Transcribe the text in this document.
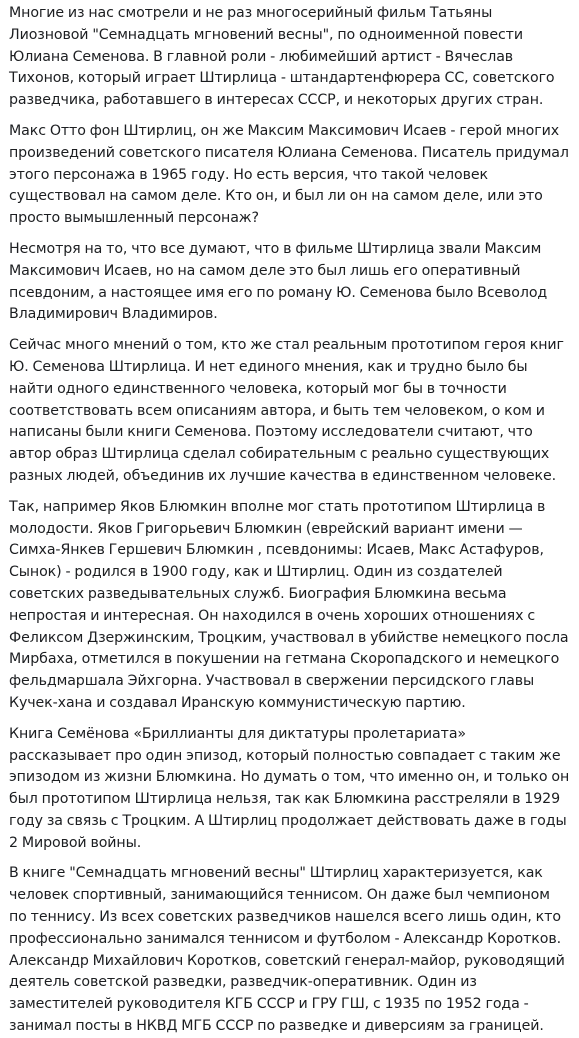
Многие из нас смотрели и не раз многосерийный фильм Татьяны Лиозновой "Семнадцать мгновений весны", по одноименной повести Юлиана Семенова. В главной роли - любимейший артист - Вячеслав Тихонов, который играет Штирлица - штандартенфюрера СС, советского разведчика, работавшего в интересах СССР, и некоторых других стран.

Макс Отто фон Штирлиц, он же Максим Максимович Исаев - герой многих произведений советского писателя Юлиана Семенова. Писатель придумал этого персонажа в 1965 году. Но есть версия, что такой человек существовал на самом деле. Кто он, и был ли он на самом деле, или это просто вымышленный персонаж?

Несмотря на то, что все думают, что в фильме Штирлица звали Максим Максимович Исаев, но на самом деле это был лишь его оперативный псевдоним, а настоящее имя его по роману Ю. Семенова было Всеволод Владимирович Владимиров.

Сейчас много мнений о том, кто же стал реальным прототипом героя книг Ю. Семенова Штирлица. И нет единого мнения, как и трудно было бы найти одного единственного человека, который мог бы в точности соответствовать всем описаниям автора, и быть тем человеком, о ком и написаны были книги Семенова. Поэтому исследователи считают, что автор образ Штирлица сделал собирательным с реально существующих разных людей, объединив их лучшие качества в единственном человеке.

Так, например Яков Блюмкин вполне мог стать прототипом Штирлица в молодости. Яков Григорьевич Блюмкин (еврейский вариант имени — Симха-Янкев Гершевич Блюмкин , псевдонимы: Исаев, Макс Астафуров, Сынок) - родился в 1900 году, как и Штирлиц. Один из создателей советских разведывательных служб. Биография Блюмкина весьма непростая и интересная. Он находился в очень хороших отношениях с Феликсом Дзержинским, Троцким, участвовал в убийстве немецкого посла Мирбаха, отметился в покушении на гетмана Скоропадского и немецкого фельдмаршала Эйхгорна. Участвовал в свержении персидского главы Кучек-хана и создавал Иранскую коммунистическую партию.

Книга Семёнова «Бриллианты для диктатуры пролетариата» рассказывает про один эпизод, который полностью совпадает с таким же эпизодом из жизни Блюмкина. Но думать о том, что именно он, и только он был прототипом Штирлица нельзя, так как Блюмкина расстреляли в 1929 году за связь с Троцким. А Штирлиц продолжает действовать даже в годы 2 Мировой войны.

В книге "Семнадцать мгновений весны" Штирлиц характеризуется, как человек спортивный, занимающийся теннисом. Он даже был чемпионом по теннису. Из всех советских разведчиков нашелся всего лишь один, кто профессионально занимался теннисом и футболом - Александр Коротков. Александр Михайлович Коротков, советский генерал-майор, руководящий деятель советской разведки, разведчик-оперативник. Один из заместителей руководителя КГБ СССР и ГРУ ГШ, с 1935 по 1952 года - занимал посты в НКВД МГБ СССР по разведке и диверсиям за границей.
